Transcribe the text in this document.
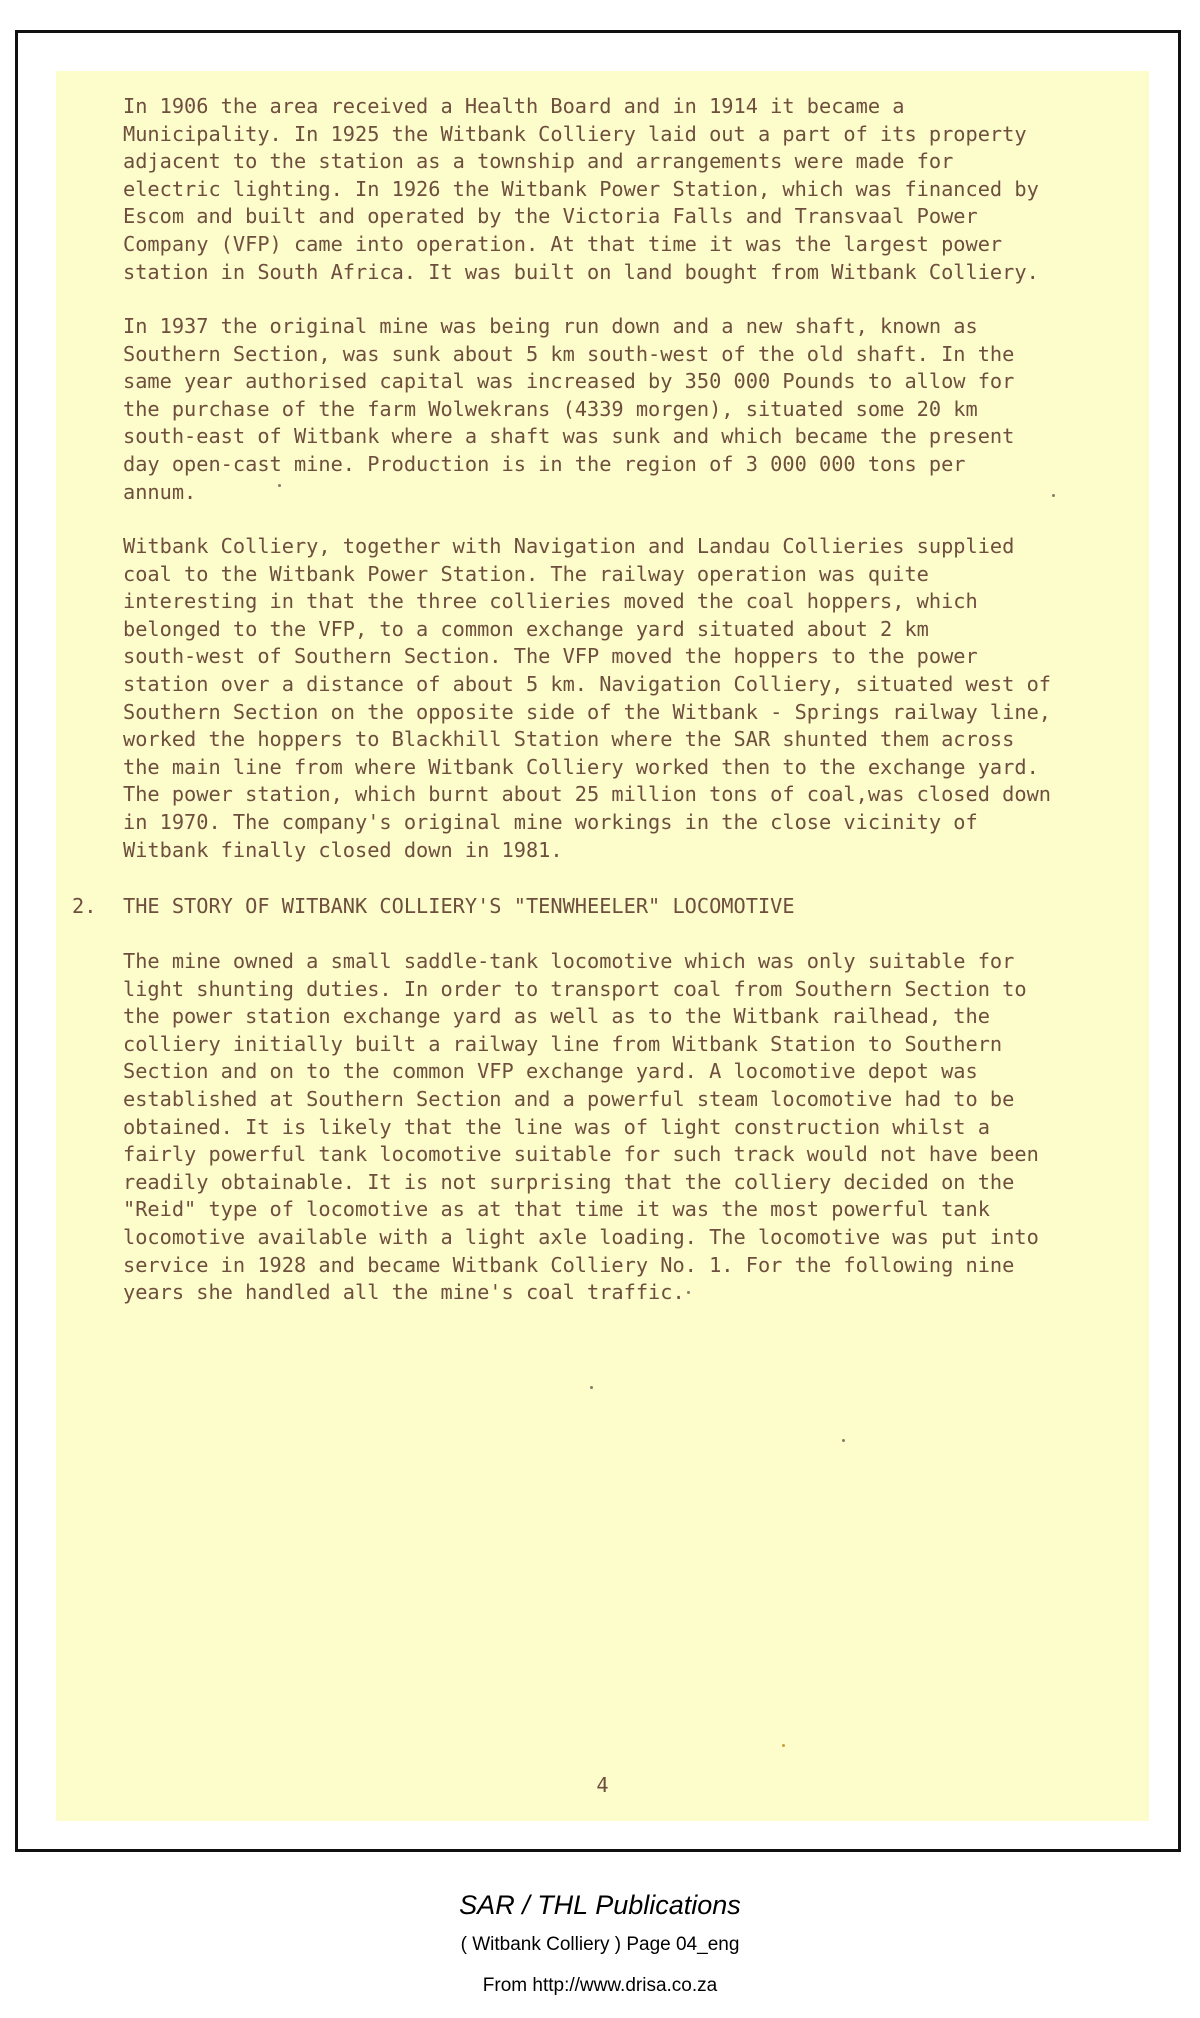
In 1906 the area received a Health Board and in 1914 it became a
Municipality. In 1925 the Witbank Colliery laid out a part of its property
adjacent to the station as a township and arrangements were made for
electric lighting. In 1926 the Witbank Power Station, which was financed by
Escom and built and operated by the Victoria Falls and Transvaal Power
Company (VFP) came into operation. At that time it was the largest power
station in South Africa. It was built on land bought from Witbank Colliery.
In 1937 the original mine was being run down and a new shaft, known as
Southern Section, was sunk about 5 km south-west of the old shaft. In the
same year authorised capital was increased by 350 000 Pounds to allow for
the purchase of the farm Wolwekrans (4339 morgen), situated some 20 km
south-east of Witbank where a shaft was sunk and which became the present
day open-cast mine. Production is in the region of 3 000 000 tons per
annum.
Witbank Colliery, together with Navigation and Landau Collieries supplied
coal to the Witbank Power Station. The railway operation was quite
interesting in that the three collieries moved the coal hoppers, which
belonged to the VFP, to a common exchange yard situated about 2 km
south-west of Southern Section. The VFP moved the hoppers to the power
station over a distance of about 5 km. Navigation Colliery, situated west of
Southern Section on the opposite side of the Witbank - Springs railway line,
worked the hoppers to Blackhill Station where the SAR shunted them across
the main line from where Witbank Colliery worked then to the exchange yard.
The power station, which burnt about 25 million tons of coal,was closed down
in 1970. The company's original mine workings in the close vicinity of
Witbank finally closed down in 1981.
2. THE STORY OF WITBANK COLLIERY'S "TENWHEELER" LOCOMOTIVE
The mine owned a small saddle-tank locomotive which was only suitable for
light shunting duties. In order to transport coal from Southern Section to
the power station exchange yard as well as to the Witbank railhead, the
colliery initially built a railway line from Witbank Station to Southern
Section and on to the common VFP exchange yard. A locomotive depot was
established at Southern Section and a powerful steam locomotive had to be
obtained. It is likely that the line was of light construction whilst a
fairly powerful tank locomotive suitable for such track would not have been
readily obtainable. It is not surprising that the colliery decided on the
"Reid" type of locomotive as at that time it was the most powerful tank
locomotive available with a light axle loading. The locomotive was put into
service in 1928 and became Witbank Colliery No. 1. For the following nine
years she handled all the mine's coal traffic.
4
SAR / THL Publications
( Witbank Colliery ) Page 04_eng
From http://www.drisa.co.za
